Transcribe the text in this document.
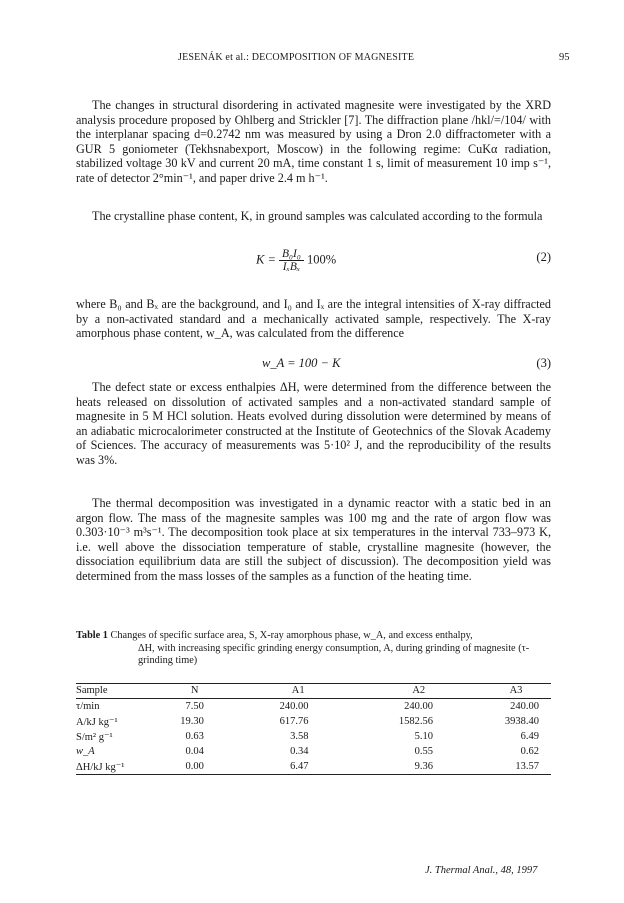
JESENÁK et al.: DECOMPOSITION OF MAGNESITE	95

The changes in structural disordering in activated magnesite were investigated by the XRD analysis procedure proposed by Ohlberg and Strickler [7]. The diffraction plane /hkl/=/104/ with the interplanar spacing d=0.2742 nm was measured by using a Dron 2.0 diffractometer with a GUR 5 goniometer (Tekhsnabexport, Moscow) in the following regime: CuKα radiation, stabilized voltage 30 kV and current 20 mA, time constant 1 s, limit of measurement 10 imp s⁻¹, rate of detector 2°min⁻¹, and paper drive 2.4 m h⁻¹.

The crystalline phase content, K, in ground samples was calculated according to the formula

$K = \frac{\text{B₀I₀}}{\text{IₓBₓ}} 100\%$	(2)

where B₀ and Bₓ are the background, and I₀ and Iₓ are the integral intensities of X-ray diffracted by a non-activated standard and a mechanically activated sample, respectively. The X-ray amorphous phase content, w_A, was calculated from the difference

w_A = 100 − K	(3)

The defect state or excess enthalpies ΔH, were determined from the difference between the heats released on dissolution of activated samples and a non-activated standard sample of magnesite in 5 M HCl solution. Heats evolved during dissolution were determined by means of an adiabatic microcalorimeter constructed at the Institute of Geotechnics of the Slovak Academy of Sciences. The accuracy of measurements was 5·10² J, and the reproducibility of the results was 3%.

The thermal decomposition was investigated in a dynamic reactor with a static bed in an argon flow. The mass of the magnesite samples was 100 mg and the rate of argon flow was 0.303·10⁻³ m³s⁻¹. The decomposition took place at six temperatures in the interval 733–973 K, i.e. well above the dissociation temperature of stable, crystalline magnesite (however, the dissociation equilibrium data are still the subject of discussion). The decomposition yield was determined from the mass losses of the samples as a function of the heating time.

Table 1 Changes of specific surface area, S, X-ray amorphous phase, w_A, and excess enthalpy,
ΔH, with increasing specific grinding energy consumption, A, during grinding of magnesite (τ-grinding time)
Sample	N	A1	A2	A3
τ/min	7.50	240.00	240.00	240.00
A/kJ kg⁻¹	19.30	617.76	1582.56	3938.40
S/m² g⁻¹	0.63	3.58	5.10	6.49
w_A	0.04	0.34	0.55	0.62
ΔH/kJ kg⁻¹	0.00	6.47	9.36	13.57
J. Thermal Anal., 48, 1997
